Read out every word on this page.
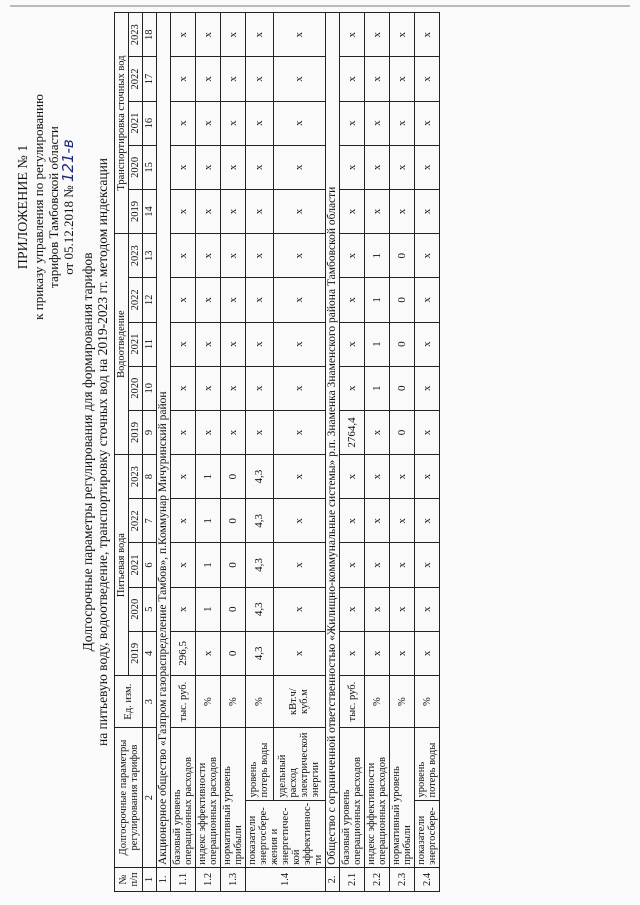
ПРИЛОЖЕНИЕ № 1 к приказу управления по регулированию тарифов Тамбовской области от 05.12.2018 № 121-в
Долгосрочные параметры регулирования для формирования тарифов на питьевую воду, водоотведение, транспортировку сточных вод на 2019-2023 гг. методом индексации
№ п/п	Долгосрочные параметры регулирования тарифов		Ед. изм.	Питьевая вода					Водоотведение					Транспортировка сточных вод				
				2019	2020	2021	2022	2023	2019	2020	2021	2022	2023	2019	2020	2021	2022	2023
1	2		3	4	5	6	7	8	9	10	11	12	13	14	15	16	17	18
1.	Акционерное общество «Газпром газораспределение Тамбов», п.Коммунар Мичуринский район																	
1.1	базовый уровень операционных расходов		тыс. руб.	296,5	x	x	x	x	x	x	x	x	x	x	x	x	x	x
1.2	индекс эффективности операционных расходов		%	x	1	1	1	1	x	x	x	x	x	x	x	x	x	x
1.3	нормативный уровень прибыли		%	0	0	0	0	0	x	x	x	x	x	x	x	x	x	x
1.4	показатели энергосбере-жения и энергетичес-кой эффективнос-ти	уровень потерь воды	%	4,3	4,3	4,3	4,3	4,3	x	x	x	x	x	x	x	x	x	x
		удельный расход электрической энергии	кВт.ч/куб.м	x	x	x	x	x	x	x	x	x	x	x	x	x	x	x
2.	Общество с ограниченной ответственностью «Жилищно-коммунальные системы» р.п. Знаменка Знаменского района Тамбовской области																	
2.1	базовый уровень операционных расходов		тыс. руб.	x	x	x	x	x	2764,4	x	x	x	x	x	x	x	x	x
2.2	индекс эффективности операционных расходов		%	x	x	x	x	x	x	1	1	1	1	x	x	x	x	x
2.3	нормативный уровень прибыли		%	x	x	x	x	x	0	0	0	0	0	x	x	x	x	x
2.4	показатели энергосбере-	уровень потерь воды	%	x	x	x	x	x	x	x	x	x	x	x	x	x	x	x
